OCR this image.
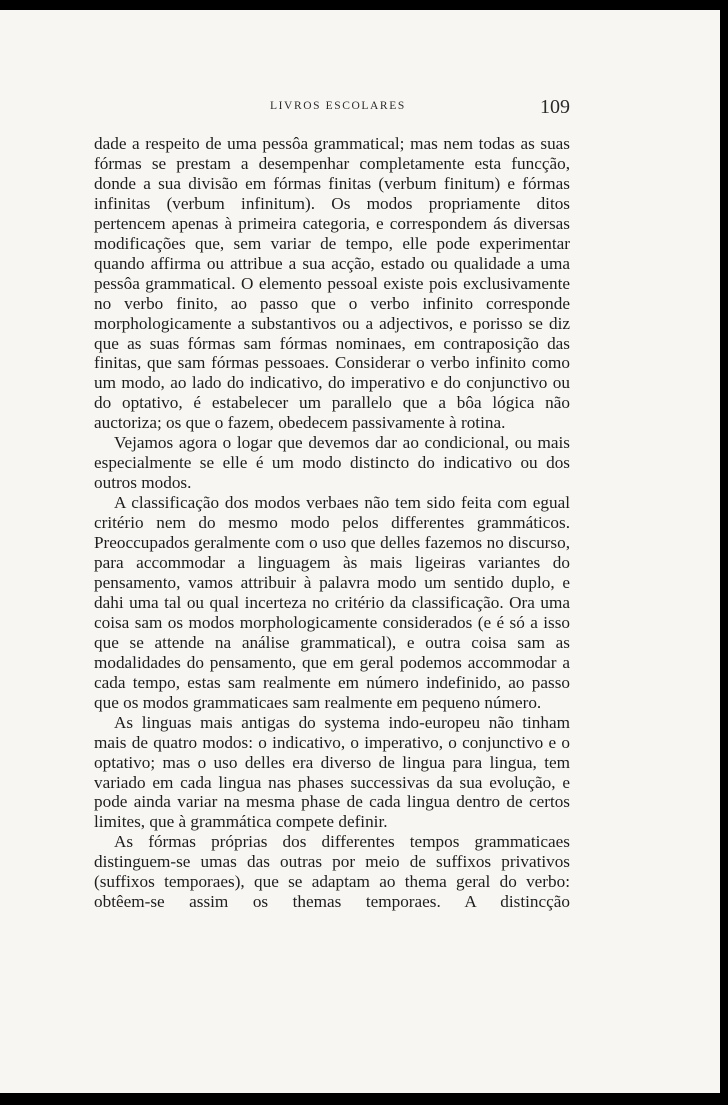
LIVROS ESCOLARES	109

dade a respeito de uma pessôa grammatical; mas nem todas as suas fórmas se prestam a desempenhar completamente esta funcção, donde a sua divisão em fórmas finitas (verbum finitum) e fórmas infinitas (verbum infinitum). Os modos propriamente ditos pertencem apenas à primeira categoria, e correspondem ás diversas modificações que, sem variar de tempo, elle pode experimentar quando affirma ou attribue a sua acção, estado ou qualidade a uma pessôa grammatical. O elemento pessoal existe pois exclusivamente no verbo finito, ao passo que o verbo infinito corresponde morphologicamente a substantivos ou a adjectivos, e porisso se diz que as suas fórmas sam fórmas nominaes, em contraposição das finitas, que sam fórmas pessoaes. Considerar o verbo infinito como um modo, ao lado do indicativo, do imperativo e do conjunctivo ou do optativo, é estabelecer um parallelo que a bôa lógica não auctoriza; os que o fazem, obedecem passivamente à rotina.

Vejamos agora o logar que devemos dar ao condicional, ou mais especialmente se elle é um modo distincto do indicativo ou dos outros modos.

A classificação dos modos verbaes não tem sido feita com egual critério nem do mesmo modo pelos differentes grammáticos. Preoccupados geralmente com o uso que delles fazemos no discurso, para accommodar a linguagem às mais ligeiras variantes do pensamento, vamos attribuir à palavra modo um sentido duplo, e dahi uma tal ou qual incerteza no critério da classificação. Ora uma coisa sam os modos morphologicamente considerados (e é só a isso que se attende na análise grammatical), e outra coisa sam as modalidades do pensamento, que em geral podemos accommodar a cada tempo, estas sam realmente em número indefinido, ao passo que os modos grammaticaes sam realmente em pequeno número.

As linguas mais antigas do systema indo-europeu não tinham mais de quatro modos: o indicativo, o imperativo, o conjunctivo e o optativo; mas o uso delles era diverso de lingua para lingua, tem variado em cada lingua nas phases successivas da sua evolução, e pode ainda variar na mesma phase de cada lingua dentro de certos limites, que à grammática compete definir.

As fórmas próprias dos differentes tempos grammaticaes distinguem-se umas das outras por meio de suffixos privativos (suffixos temporaes), que se adaptam ao thema geral do verbo: obtêem-se assim os themas temporaes. A distincção
